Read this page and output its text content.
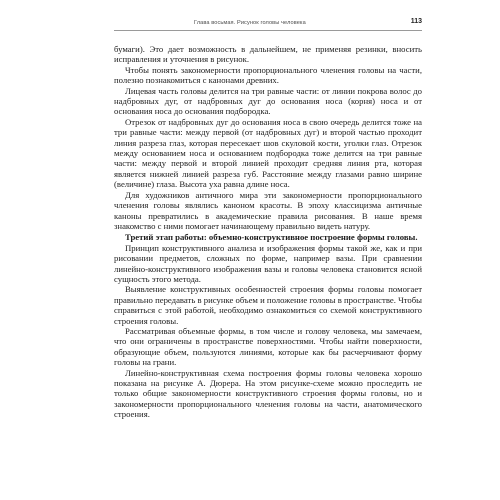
Глава восьмая. Рисунок головы человека	113

бумаги). Это дает возможность в дальнейшем, не применяя резинки, вносить исправления и уточнения в рисунок.

Чтобы понять закономерности пропорционального членения головы на части, полезно познакомиться с канонами древних.

Лицевая часть головы делится на три равные части: от линии покрова волос до надбровных дуг, от надбровных дуг до основания носа (корня) носа и от основания носа до основания подбородка.

Отрезок от надбровных дуг до основания носа в свою очередь делится тоже на три равные части: между первой (от надбровных дуг) и второй частью проходит линия разреза глаз, которая пересекает шов скуловой кости, уголки глаз. Отрезок между основанием носа и основанием подбородка тоже делится на три равные части: между первой и второй линией проходит средняя линия рта, которая является нижней линией разреза губ. Расстояние между глазами равно ширине (величине) глаза. Высота уха равна длине носа.

Для художников античного мира эти закономерности пропорционального членения головы являлись каноном красоты. В эпоху классицизма античные каноны превратились в академические правила рисования. В наше время знакомство с ними помогает начинающему правильно видеть натуру.

Третий этап работы: объемно-конструктивное построение формы головы.

Принцип конструктивного анализа и изображения формы такой же, как и при рисовании предметов, сложных по форме, например вазы. При сравнении линейно-конструктивного изображения вазы и головы человека становится ясной сущность этого метода.

Выявление конструктивных особенностей строения формы головы помогает правильно передавать в рисунке объем и положение головы в пространстве. Чтобы справиться с этой работой, необходимо ознакомиться со схемой конструктивного строения головы.

Рассматривая объемные формы, в том числе и голову человека, мы замечаем, что они ограничены в пространстве поверхностями. Чтобы найти поверхности, образующие объем, пользуются линиями, которые как бы расчерчивают форму головы на грани.

Линейно-конструктивная схема построения формы головы человека хорошо показана на рисунке А. Дюрера. На этом рисунке-схеме можно проследить не только общие закономерности конструктивного строения формы головы, но и закономерности пропорционального членения головы на части, анатомического строения.
